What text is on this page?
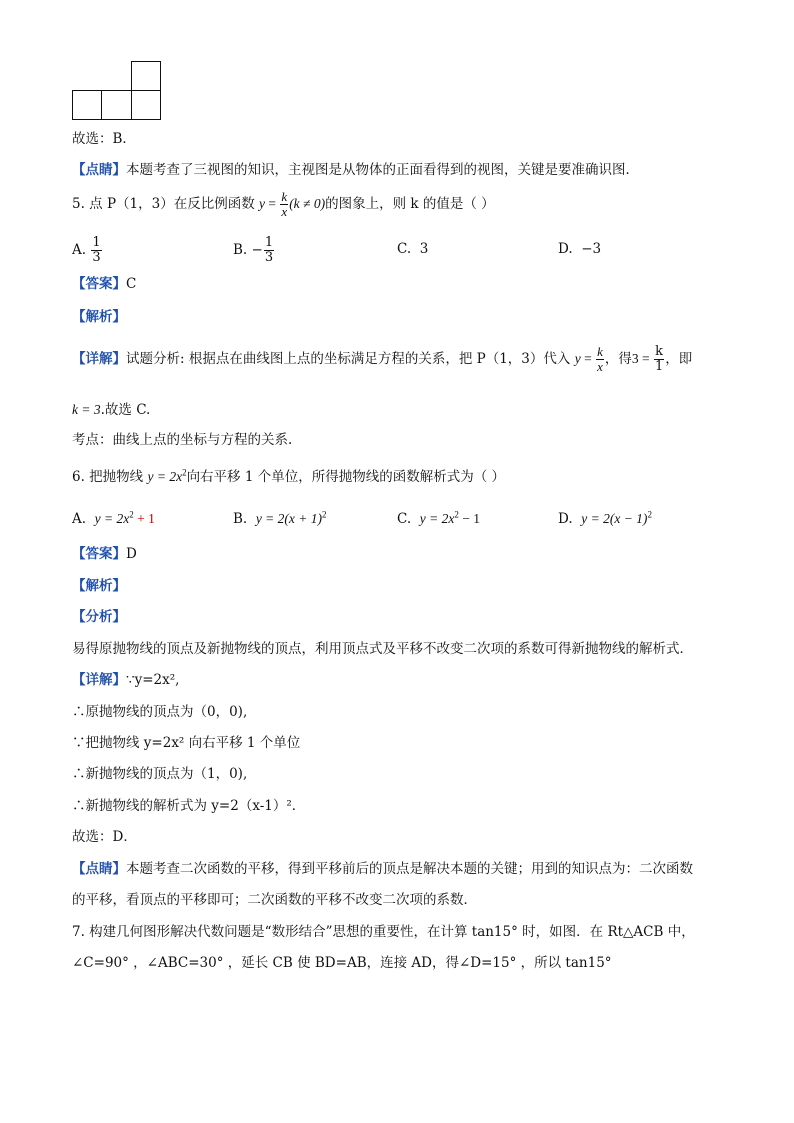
故选：B．
【点睛】本题考查了三视图的知识，主视图是从物体的正面看得到的视图，关键是要准确识图．
5. 点 P（1，3）在反比例函数 $y = \frac{k}{x} (k \ne 0)$的图象上，则 k 的值是（ ）
A. $\frac{1}{3}$	B. − $\frac{1}{3}$	C. 3	D. −3
【答案】C
【解析】
【详解】试题分析: 根据点在曲线图上点的坐标满足方程的关系，把 P（1，3）代入 $y = \frac{k}{x}$ ，得$3 = \frac{k}{1}$ ，即
k = 3.故选 C.
考点：曲线上点的坐标与方程的关系.
6. 把抛物线 $y = 2x^2$向右平移 1 个单位，所得抛物线的函数解析式为（ ）
A. $y = 2x^2 + 1$	B. $y = 2(x + 1)^2$	C. $y = 2x^2 - 1$	D. $y = 2(x - 1)^2$
【答案】D
【解析】
【分析】
易得原抛物线的顶点及新抛物线的顶点，利用顶点式及平移不改变二次项的系数可得新抛物线的解析式．
【详解】∵y=2x²,
∴原抛物线的顶点为（0，0),
∵把抛物线 y=2x² 向右平移 1 个单位
∴新抛物线的顶点为（1，0),
∴新抛物线的解析式为 y=2（x-1）²．
故选：D．
【点睛】本题考查二次函数的平移，得到平移前后的顶点是解决本题的关键；用到的知识点为：二次函数
的平移，看顶点的平移即可；二次函数的平移不改变二次项的系数．
7. 构建几何图形解决代数问题是“数形结合”思想的重要性，在计算 tan15° 时，如图．在 Rt△ACB 中，
∠C=90° ，∠ABC=30° ，延长 CB 使 BD=AB，连接 AD，得∠D=15° ，所以 tan15°
